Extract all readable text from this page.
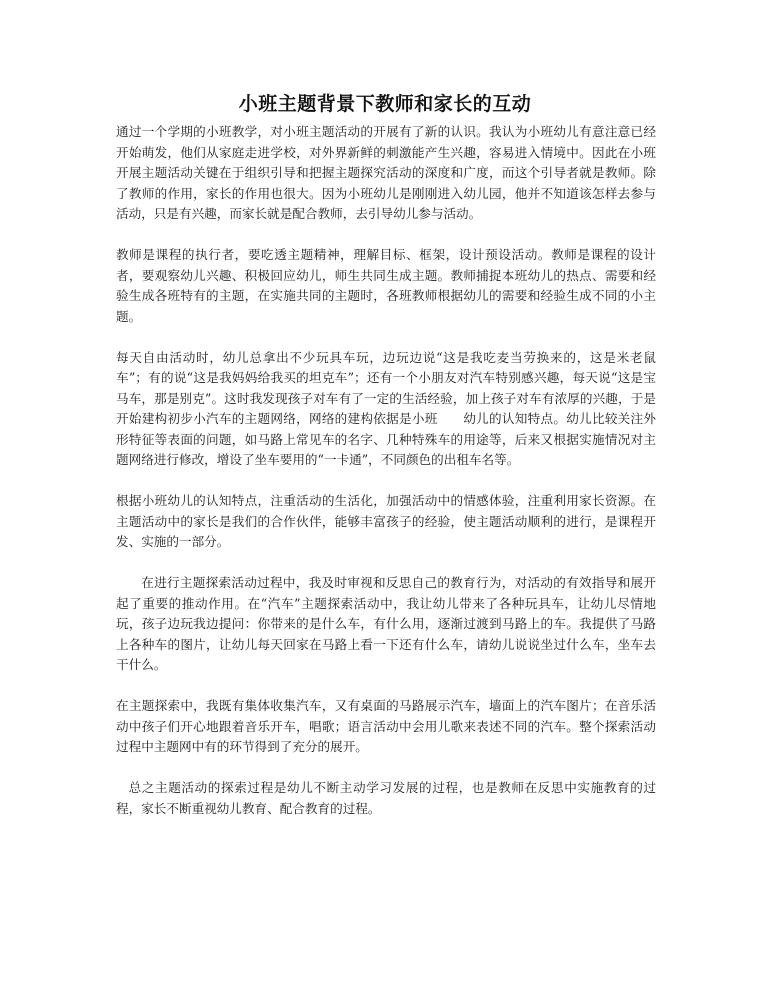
小班主题背景下教师和家长的互动

通过一个学期的小班教学，对小班主题活动的开展有了新的认识。我认为小班幼儿有意注意已经开始萌发，他们从家庭走进学校，对外界新鲜的刺激能产生兴趣，容易进入情境中。因此在小班开展主题活动关键在于组织引导和把握主题探究活动的深度和广度，而这个引导者就是教师。除了教师的作用，家长的作用也很大。因为小班幼儿是刚刚进入幼儿园，他并不知道该怎样去参与活动，只是有兴趣，而家长就是配合教师，去引导幼儿参与活动。

教师是课程的执行者，要吃透主题精神，理解目标、框架，设计预设活动。教师是课程的设计者，要观察幼儿兴趣、积极回应幼儿，师生共同生成主题。教师捕捉本班幼儿的热点、需要和经验生成各班特有的主题，在实施共同的主题时，各班教师根据幼儿的需要和经验生成不同的小主题。

每天自由活动时，幼儿总拿出不少玩具车玩，边玩边说“这是我吃麦当劳换来的，这是米老鼠车”；有的说“这是我妈妈给我买的坦克车”；还有一个小朋友对汽车特别感兴趣，每天说“这是宝马车，那是别克”。这时我发现孩子对车有了一定的生活经验，加上孩子对车有浓厚的兴趣，于是开始建构初步小汽车的主题网络，网络的建构依据是小班　　幼儿的认知特点。幼儿比较关注外形特征等表面的问题，如马路上常见车的名字、几种特殊车的用途等，后来又根据实施情况对主题网络进行修改，增设了坐车要用的“一卡通”，不同颜色的出租车名等。

根据小班幼儿的认知特点，注重活动的生活化，加强活动中的情感体验，注重利用家长资源。在主题活动中的家长是我们的合作伙伴，能够丰富孩子的经验，使主题活动顺利的进行，是课程开发、实施的一部分。

在进行主题探索活动过程中，我及时审视和反思自己的教育行为，对活动的有效指导和展开起了重要的推动作用。在“汽车”主题探索活动中，我让幼儿带来了各种玩具车，让幼儿尽情地玩，孩子边玩我边提问：你带来的是什么车，有什么用，逐渐过渡到马路上的车。我提供了马路上各种车的图片，让幼儿每天回家在马路上看一下还有什么车，请幼儿说说坐过什么车，坐车去干什么。

在主题探索中，我既有集体收集汽车，又有桌面的马路展示汽车，墙面上的汽车图片；在音乐活动中孩子们开心地跟着音乐开车，唱歌；语言活动中会用儿歌来表述不同的汽车。整个探索活动过程中主题网中有的环节得到了充分的展开。

总之主题活动的探索过程是幼儿不断主动学习发展的过程，也是教师在反思中实施教育的过程，家长不断重视幼儿教育、配合教育的过程。
